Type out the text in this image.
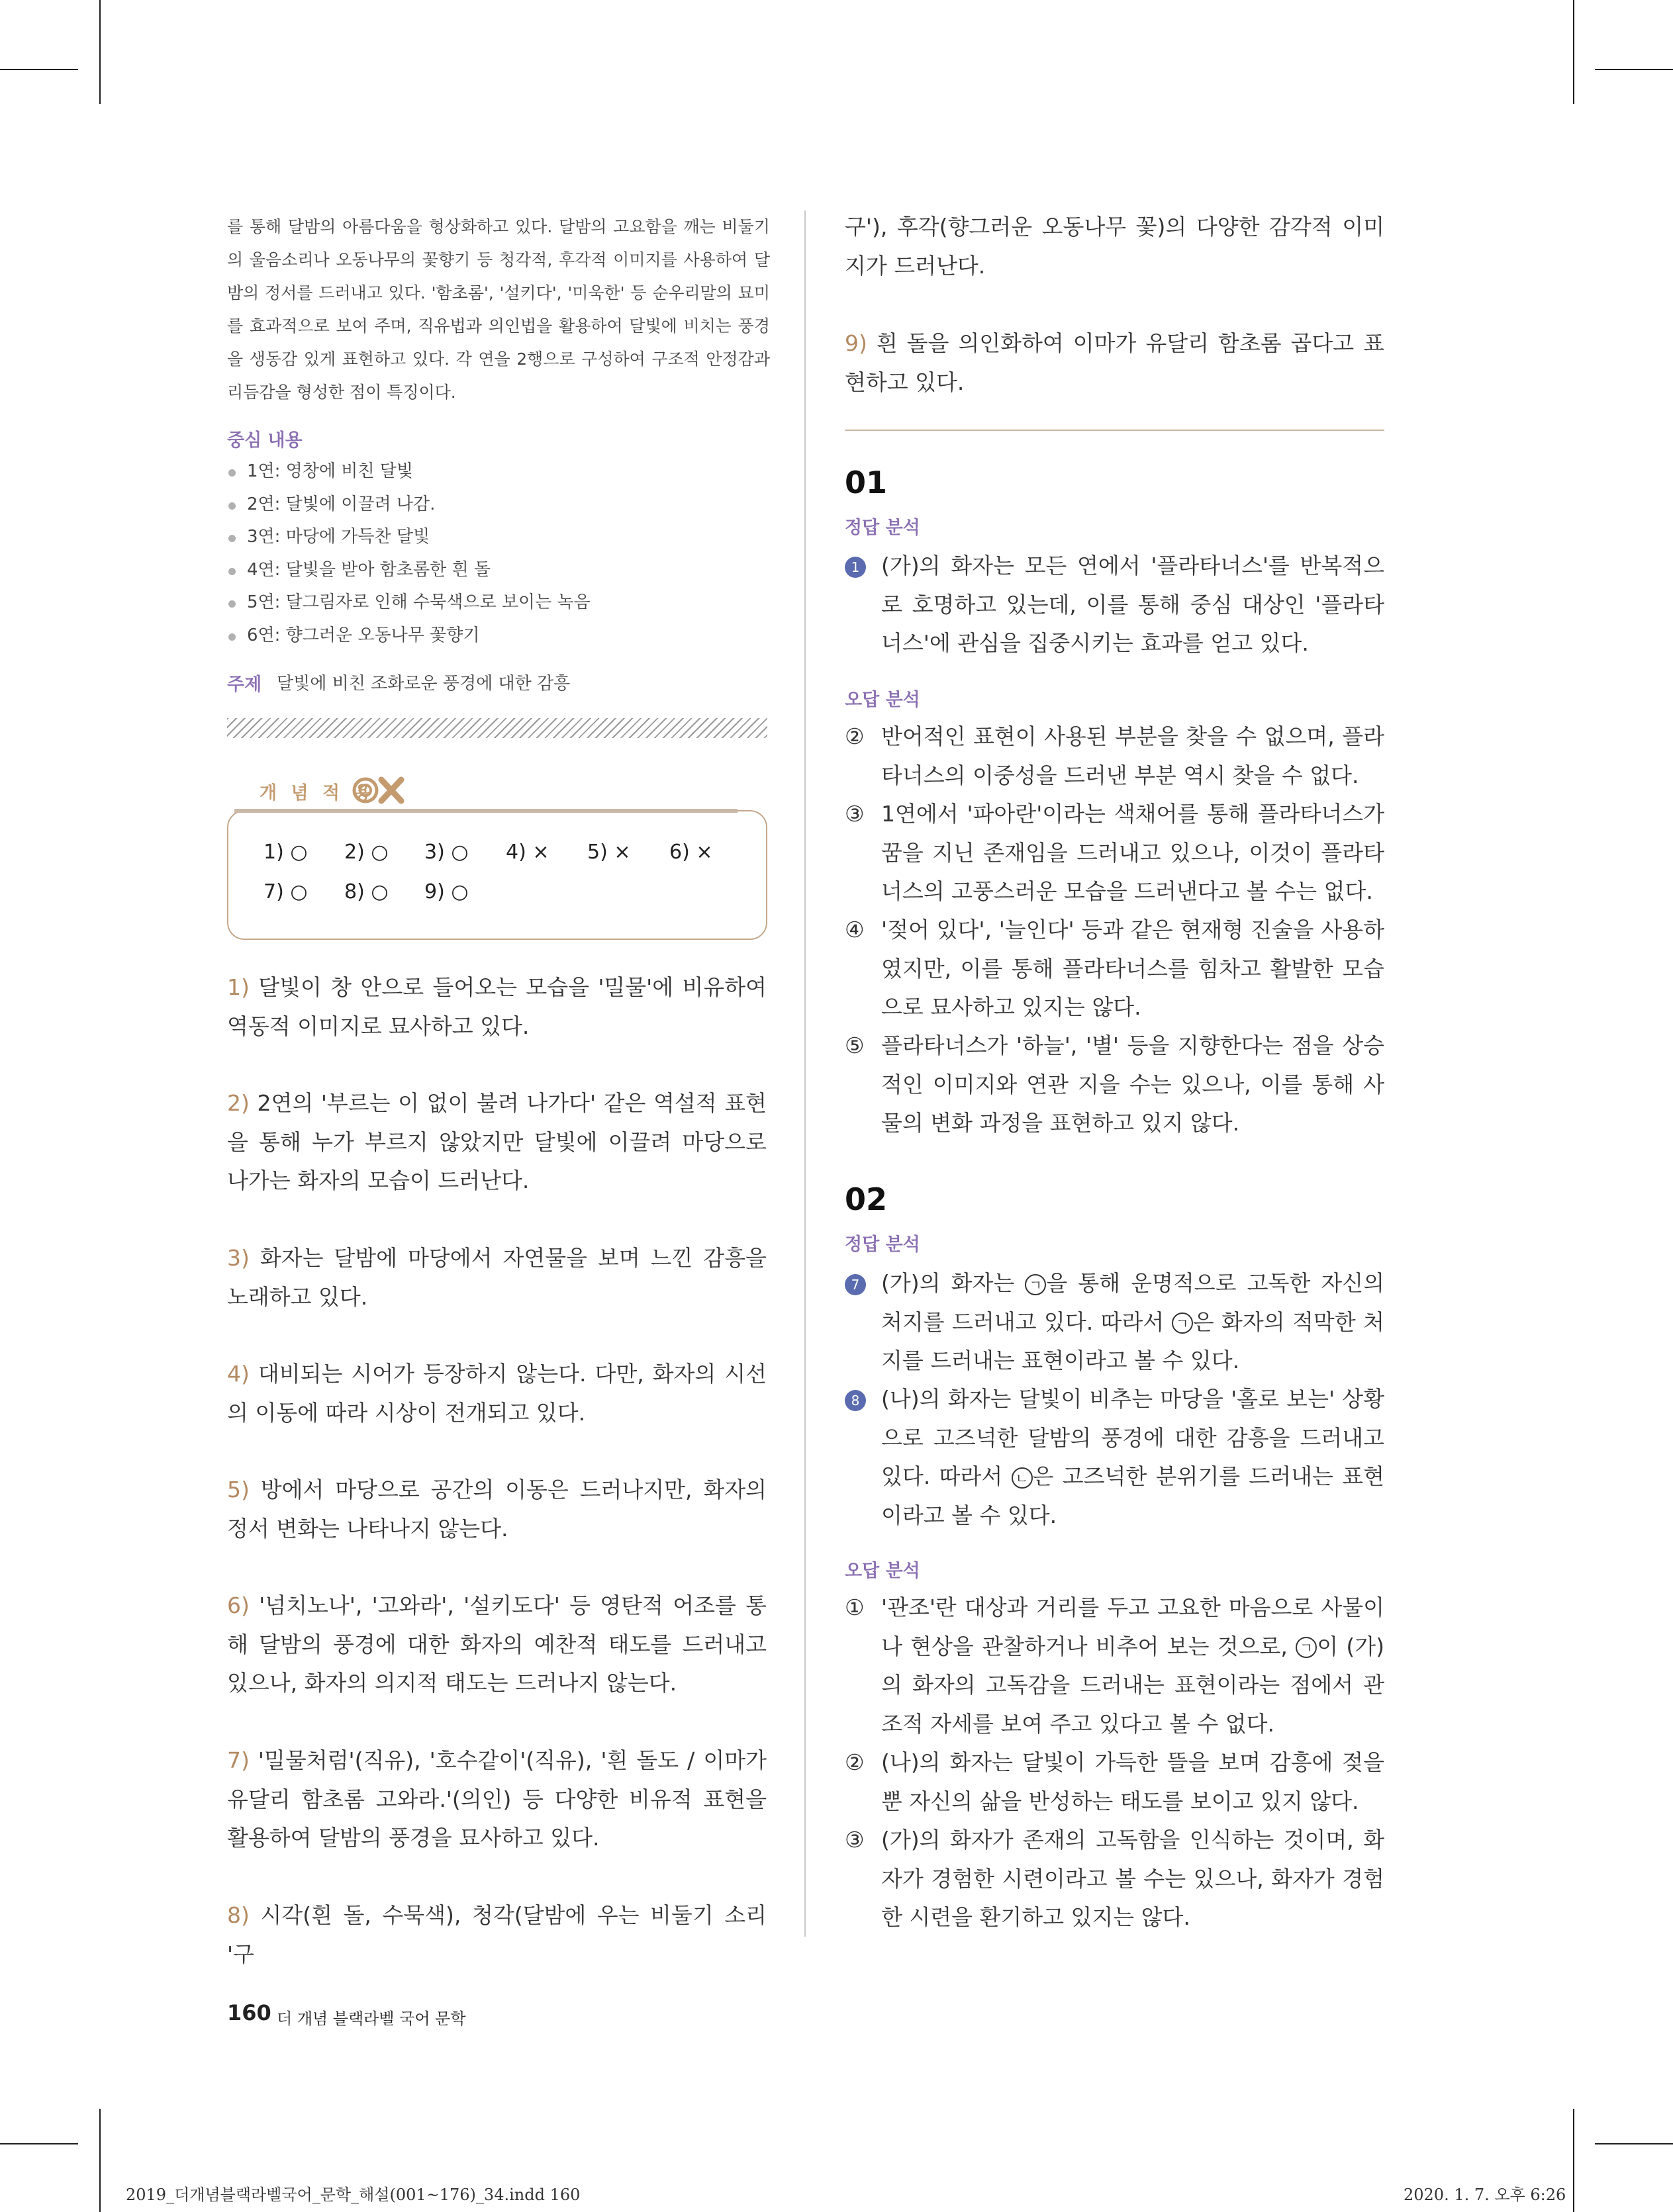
를 통해 달밤의 아름다움을 형상화하고 있다. 달밤의 고요함을 깨는 비둘기의 울음소리나 오동나무의 꽃향기 등 청각적, 후각적 이미지를 사용하여 달밤의 정서를 드러내고 있다. '함초롬', '설키다', '미욱한' 등 순우리말의 묘미를 효과적으로 보여 주며, 직유법과 의인법을 활용하여 달빛에 비치는 풍경을 생동감 있게 표현하고 있다. 각 연을 2행으로 구성하여 구조적 안정감과 리듬감을 형성한 점이 특징이다.
중심 내용
1연: 영창에 비친 달빛
2연: 달빛에 이끌려 나감.
3연: 마당에 가득찬 달빛
4연: 달빛을 받아 함초롬한 흰 돌
5연: 달그림자로 인해 수묵색으로 보이는 녹음
6연: 향그러운 오동나무 꽃향기
주제 달빛에 비친 조화로운 풍경에 대한 감흥
개 념 적 용
1) ○ 2) ○ 3) ○ 4) × 5) × 6) ×
7) ○ 8) ○ 9) ○
1) 달빛이 창 안으로 들어오는 모습을 '밀물'에 비유하여 역동적 이미지로 묘사하고 있다.
2) 2연의 '부르는 이 없이 불려 나가다' 같은 역설적 표현을 통해 누가 부르지 않았지만 달빛에 이끌려 마당으로 나가는 화자의 모습이 드러난다.
3) 화자는 달밤에 마당에서 자연물을 보며 느낀 감흥을 노래하고 있다.
4) 대비되는 시어가 등장하지 않는다. 다만, 화자의 시선의 이동에 따라 시상이 전개되고 있다.
5) 방에서 마당으로 공간의 이동은 드러나지만, 화자의 정서 변화는 나타나지 않는다.
6) '넘치노나', '고와라', '설키도다' 등 영탄적 어조를 통해 달밤의 풍경에 대한 화자의 예찬적 태도를 드러내고 있으나, 화자의 의지적 태도는 드러나지 않는다.
7) '밀물처럼'(직유), '호수같이'(직유), '흰 돌도 / 이마가 유달리 함초롬 고와라.'(의인) 등 다양한 비유적 표현을 활용하여 달밤의 풍경을 묘사하고 있다.
8) 시각(흰 돌, 수묵색), 청각(달밤에 우는 비둘기 소리 '구
구'), 후각(향그러운 오동나무 꽃)의 다양한 감각적 이미지가 드러난다.
9) 흰 돌을 의인화하여 이마가 유달리 함초롬 곱다고 표현하고 있다.
01
정답 분석
1 (가)의 화자는 모든 연에서 '플라타너스'를 반복적으로 호명하고 있는데, 이를 통해 중심 대상인 '플라타너스'에 관심을 집중시키는 효과를 얻고 있다.
오답 분석
② 반어적인 표현이 사용된 부분을 찾을 수 없으며, 플라타너스의 이중성을 드러낸 부분 역시 찾을 수 없다.
③ 1연에서 '파아란'이라는 색채어를 통해 플라타너스가 꿈을 지닌 존재임을 드러내고 있으나, 이것이 플라타너스의 고풍스러운 모습을 드러낸다고 볼 수는 없다.
④ '젖어 있다', '늘인다' 등과 같은 현재형 진술을 사용하였지만, 이를 통해 플라타너스를 힘차고 활발한 모습으로 묘사하고 있지는 않다.
⑤ 플라타너스가 '하늘', '별' 등을 지향한다는 점을 상승적인 이미지와 연관 지을 수는 있으나, 이를 통해 사물의 변화 과정을 표현하고 있지 않다.
02
정답 분석
7 (가)의 화자는 ㄱ 을 통해 운명적으로 고독한 자신의 처지를 드러내고 있다. 따라서 ㄱ 은 화자의 적막한 처지를 드러내는 표현이라고 볼 수 있다.
8 (나)의 화자는 달빛이 비추는 마당을 '홀로 보는' 상황으로 고즈넉한 달밤의 풍경에 대한 감흥을 드러내고 있다. 따라서 ㄴ 은 고즈넉한 분위기를 드러내는 표현이라고 볼 수 있다.
오답 분석
① '관조'란 대상과 거리를 두고 고요한 마음으로 사물이나 현상을 관찰하거나 비추어 보는 것으로, ㄱ 이 (가)의 화자의 고독감을 드러내는 표현이라는 점에서 관조적 자세를 보여 주고 있다고 볼 수 없다.
② (나)의 화자는 달빛이 가득한 뜰을 보며 감흥에 젖을 뿐 자신의 삶을 반성하는 태도를 보이고 있지 않다.
③ (가)의 화자가 존재의 고독함을 인식하는 것이며, 화자가 경험한 시련이라고 볼 수는 있으나, 화자가 경험한 시련을 환기하고 있지는 않다.
160 더 개념 블랙라벨 국어 문학
2019_더개념블랙라벨국어_문학_해설(001~176)_34.indd 160	2020. 1. 7. 오후 6:26
